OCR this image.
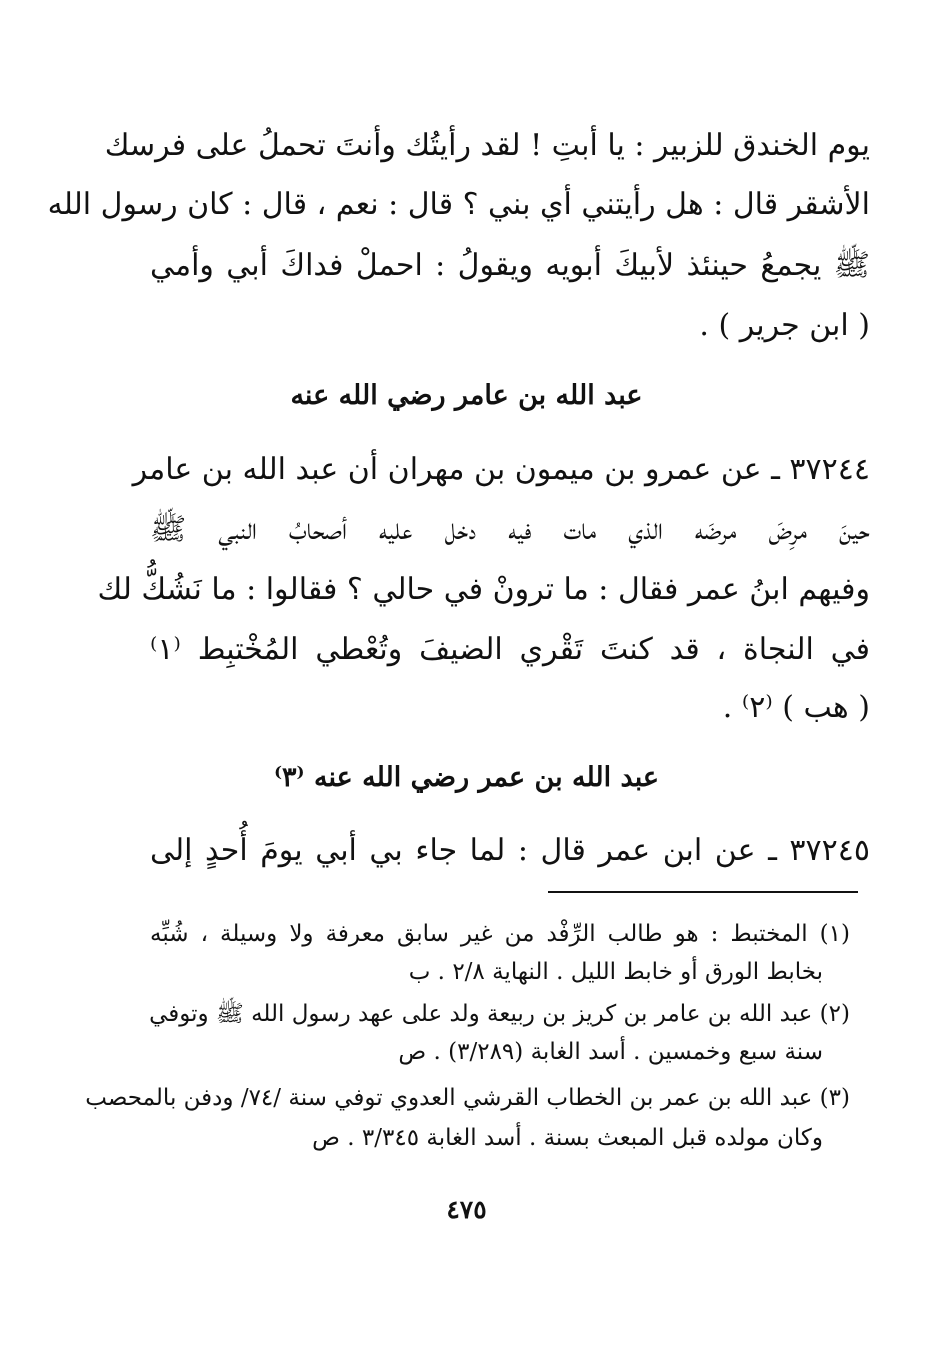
يوم الخندق للزبير : يا أبتِ ! لقد رأيتُك وأنتَ تحملُ على فرسك
الأشقر قال : هل رأيتني أي بني ؟ قال : نعم ، قال : كان رسول الله
ﷺ يجمعُ حينئذ لأبيكَ أبويه ويقولُ : احملْ فداكَ أبي وأمي
( ابن جرير ) .
عبد الله بن عامر رضي الله عنه
٣٧٢٤٤ ـ عن عمرو بن ميمون بن مهران أن عبد الله بن عامر
حينَ مرِضَ مرضَه الذي مات فيه دخل عليه أصحابُ النبي ﷺ
وفيهم ابنُ عمر فقال : ما ترونْ في حالي ؟ فقالوا : ما نَشُكُّ لك
في النجاة ، قد كنتَ تَقْري الضيفَ وتُعْطي المُخْتبِط ⁽١⁾
( هب ) ⁽٢⁾ .
عبد الله بن عمر رضي الله عنه ⁽٣⁾
٣٧٢٤٥ ـ عن ابن عمر قال : لما جاء بي أبي يومَ أُحدٍ إلى
(١) المختبط : هو طالب الرِّفْد من غير سابق معرفة ولا وسيلة ، شُبِّه
بخابط الورق أو خابط الليل . النهاية ٢/٨ . ب
(٢) عبد الله بن عامر بن كريز بن ربيعة ولد على عهد رسول الله ﷺ وتوفي
سنة سبع وخمسين . أسد الغابة (٣/٢٨٩) . ص
(٣) عبد الله بن عمر بن الخطاب القرشي العدوي توفي سنة /٧٤/ ودفن بالمحصب
وكان مولده قبل المبعث بسنة . أسد الغابة ٣/٣٤٥ . ص
٤٧٥
